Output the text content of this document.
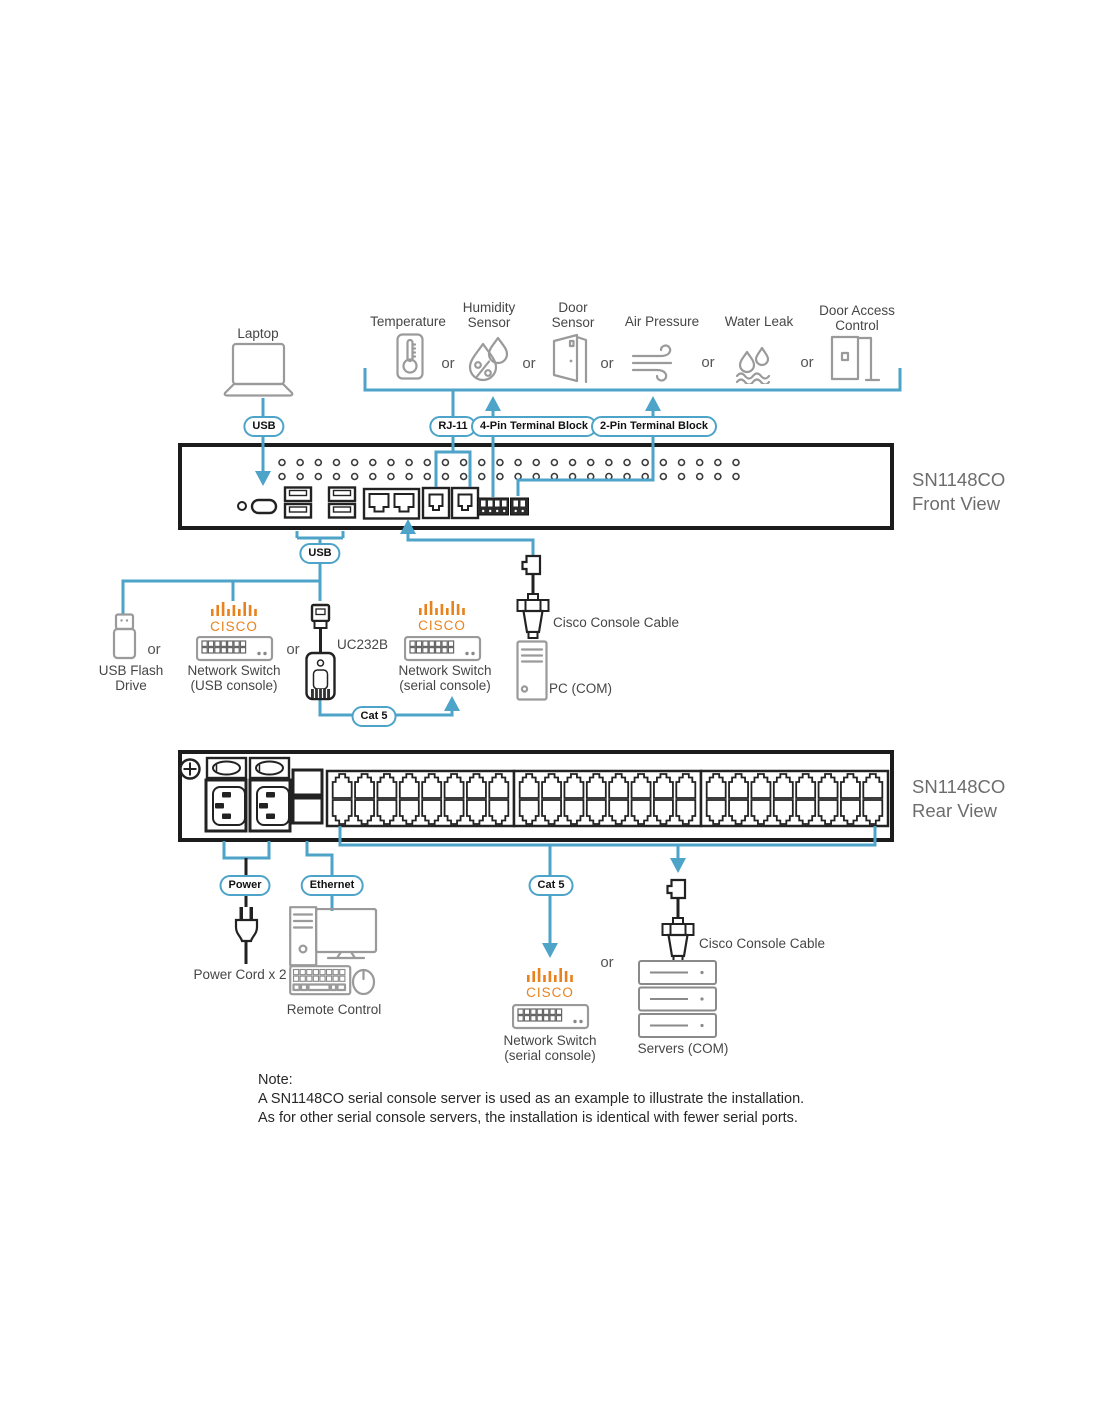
Laptop
Temperature
Humidity
Sensor
Door
Sensor Air Pressure Water Leak
Door Access
Control
or	or	or	or	or
USB	RJ-11	4-Pin Terminal Block	2-Pin Terminal Block
USB
Cat 5
Power	Ethernet	Cat 5
SN1148CO
Front View
SN1148CO
Rear View
or
USB Flash
Drive
CISCO
Network Switch
(USB console)
or	UC232B
CISCO
Network Switch
(serial console)
Cisco Console Cable
PC (COM)
Power Cord x 2
Remote Control
CISCO
Network Switch
(serial console)
or
Cisco Console Cable
Servers (COM)
Note:
A SN1148CO serial console server is used as an example to illustrate the installation.
As for other serial console servers, the installation is identical with fewer serial ports.
